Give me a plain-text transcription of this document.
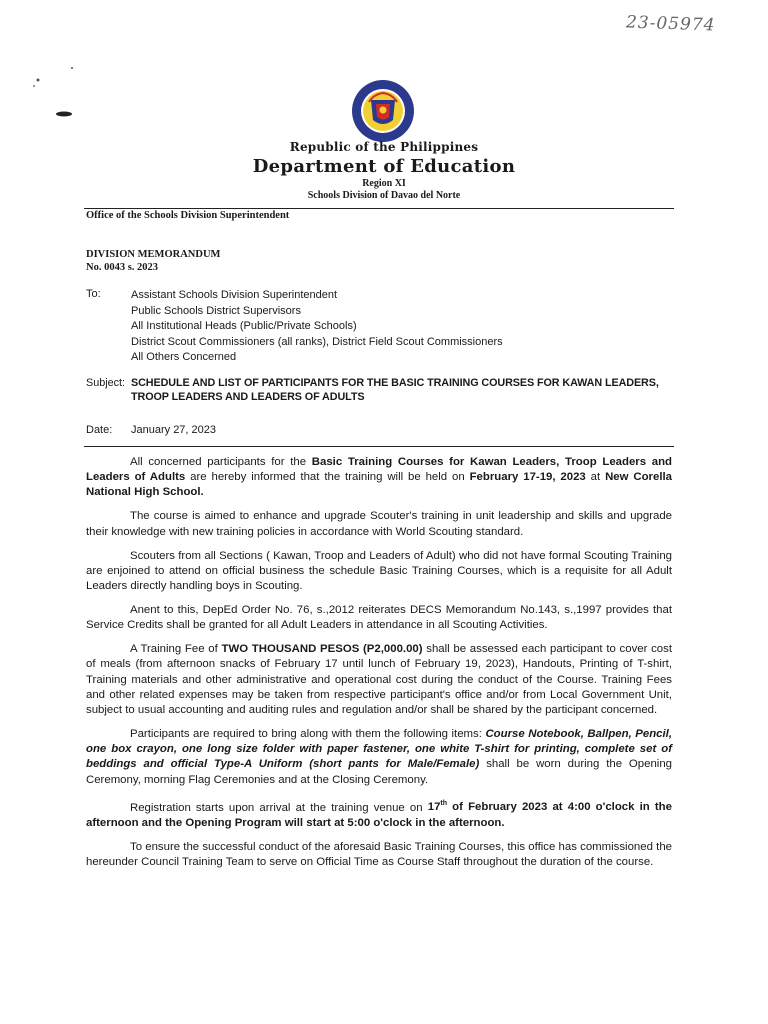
23-05974
Republic of the Philippines
Department of Education
Region XI
Schools Division of Davao del Norte
Office of the Schools Division Superintendent
DIVISION MEMORANDUM
No. 0043 s. 2023
To:	Assistant Schools Division Superintendent
Public Schools District Supervisors
All Institutional Heads (Public/Private Schools)
District Scout Commissioners (all ranks), District Field Scout Commissioners
All Others Concerned
Subject: SCHEDULE AND LIST OF PARTICIPANTS FOR THE BASIC TRAINING COURSES FOR KAWAN LEADERS,
TROOP LEADERS AND LEADERS OF ADULTS
Date: January 27, 2023

All concerned participants for the Basic Training Courses for Kawan Leaders, Troop Leaders and Leaders of Adults are hereby informed that the training will be held on February 17-19, 2023 at New Corella National High School.

The course is aimed to enhance and upgrade Scouter's training in unit leadership and skills and upgrade their knowledge with new training policies in accordance with World Scouting standard.

Scouters from all Sections ( Kawan, Troop and Leaders of Adult) who did not have formal Scouting Training are enjoined to attend on official business the schedule Basic Training Courses, which is a requisite for all Adult Leaders directly handling boys in Scouting.

Anent to this, DepEd Order No. 76, s.,2012 reiterates DECS Memorandum No.143, s.,1997 provides that Service Credits shall be granted for all Adult Leaders in attendance in all Scouting Activities.

A Training Fee of TWO THOUSAND PESOS (P2,000.00) shall be assessed each participant to cover cost of meals (from afternoon snacks of February 17 until lunch of February 19, 2023), Handouts, Printing of T-shirt, Training materials and other administrative and operational cost during the conduct of the Course. Training Fees and other related expenses may be taken from respective participant's office and/or from Local Government Unit, subject to usual accounting and auditing rules and regulation and/or shall be shared by the participant concerned.

Participants are required to bring along with them the following items: Course Notebook, Ballpen, Pencil, one box crayon, one long size folder with paper fastener, one white T-shirt for printing, complete set of beddings and official Type-A Uniform (short pants for Male/Female) shall be worn during the Opening Ceremony, morning Flag Ceremonies and at the Closing Ceremony.

Registration starts upon arrival at the training venue on 17th of February 2023 at 4:00 o'clock in the afternoon and the Opening Program will start at 5:00 o'clock in the afternoon.

To ensure the successful conduct of the aforesaid Basic Training Courses, this office has commissioned the hereunder Council Training Team to serve on Official Time as Course Staff throughout the duration of the course.
